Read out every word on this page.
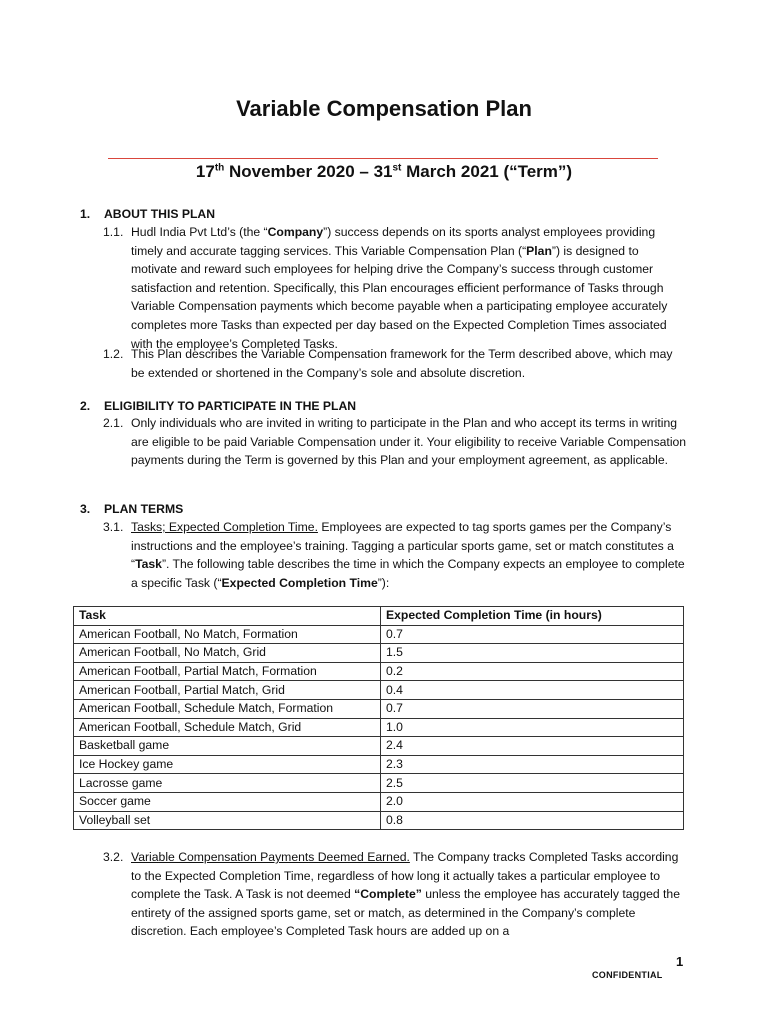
Variable Compensation Plan
17th November 2020 – 31st March 2021 (“Term”)
1. ABOUT THIS PLAN
1.1. Hudl India Pvt Ltd’s (the “Company”) success depends on its sports analyst employees providing timely and accurate tagging services. This Variable Compensation Plan (“Plan”) is designed to motivate and reward such employees for helping drive the Company’s success through customer satisfaction and retention. Specifically, this Plan encourages efficient performance of Tasks through Variable Compensation payments which become payable when a participating employee accurately completes more Tasks than expected per day based on the Expected Completion Times associated with the employee’s Completed Tasks.
1.2. This Plan describes the Variable Compensation framework for the Term described above, which may be extended or shortened in the Company’s sole and absolute discretion.
2. ELIGIBILITY TO PARTICIPATE IN THE PLAN
2.1. Only individuals who are invited in writing to participate in the Plan and who accept its terms in writing are eligible to be paid Variable Compensation under it. Your eligibility to receive Variable Compensation payments during the Term is governed by this Plan and your employment agreement, as applicable.
3. PLAN TERMS
3.1. Tasks; Expected Completion Time. Employees are expected to tag sports games per the Company’s instructions and the employee’s training. Tagging a particular sports game, set or match constitutes a “Task”. The following table describes the time in which the Company expects an employee to complete a specific Task (“Expected Completion Time”):
Task	Expected Completion Time (in hours)
American Football, No Match, Formation	0.7
American Football, No Match, Grid	1.5
American Football, Partial Match, Formation	0.2
American Football, Partial Match, Grid	0.4
American Football, Schedule Match, Formation	0.7
American Football, Schedule Match, Grid	1.0
Basketball game	2.4
Ice Hockey game	2.3
Lacrosse game	2.5
Soccer game	2.0
Volleyball set	0.8
3.2. Variable Compensation Payments Deemed Earned. The Company tracks Completed Tasks according to the Expected Completion Time, regardless of how long it actually takes a particular employee to complete the Task. A Task is not deemed “Complete” unless the employee has accurately tagged the entirety of the assigned sports game, set or match, as determined in the Company’s complete discretion. Each employee’s Completed Task hours are added up on a
1
CONFIDENTIAL
